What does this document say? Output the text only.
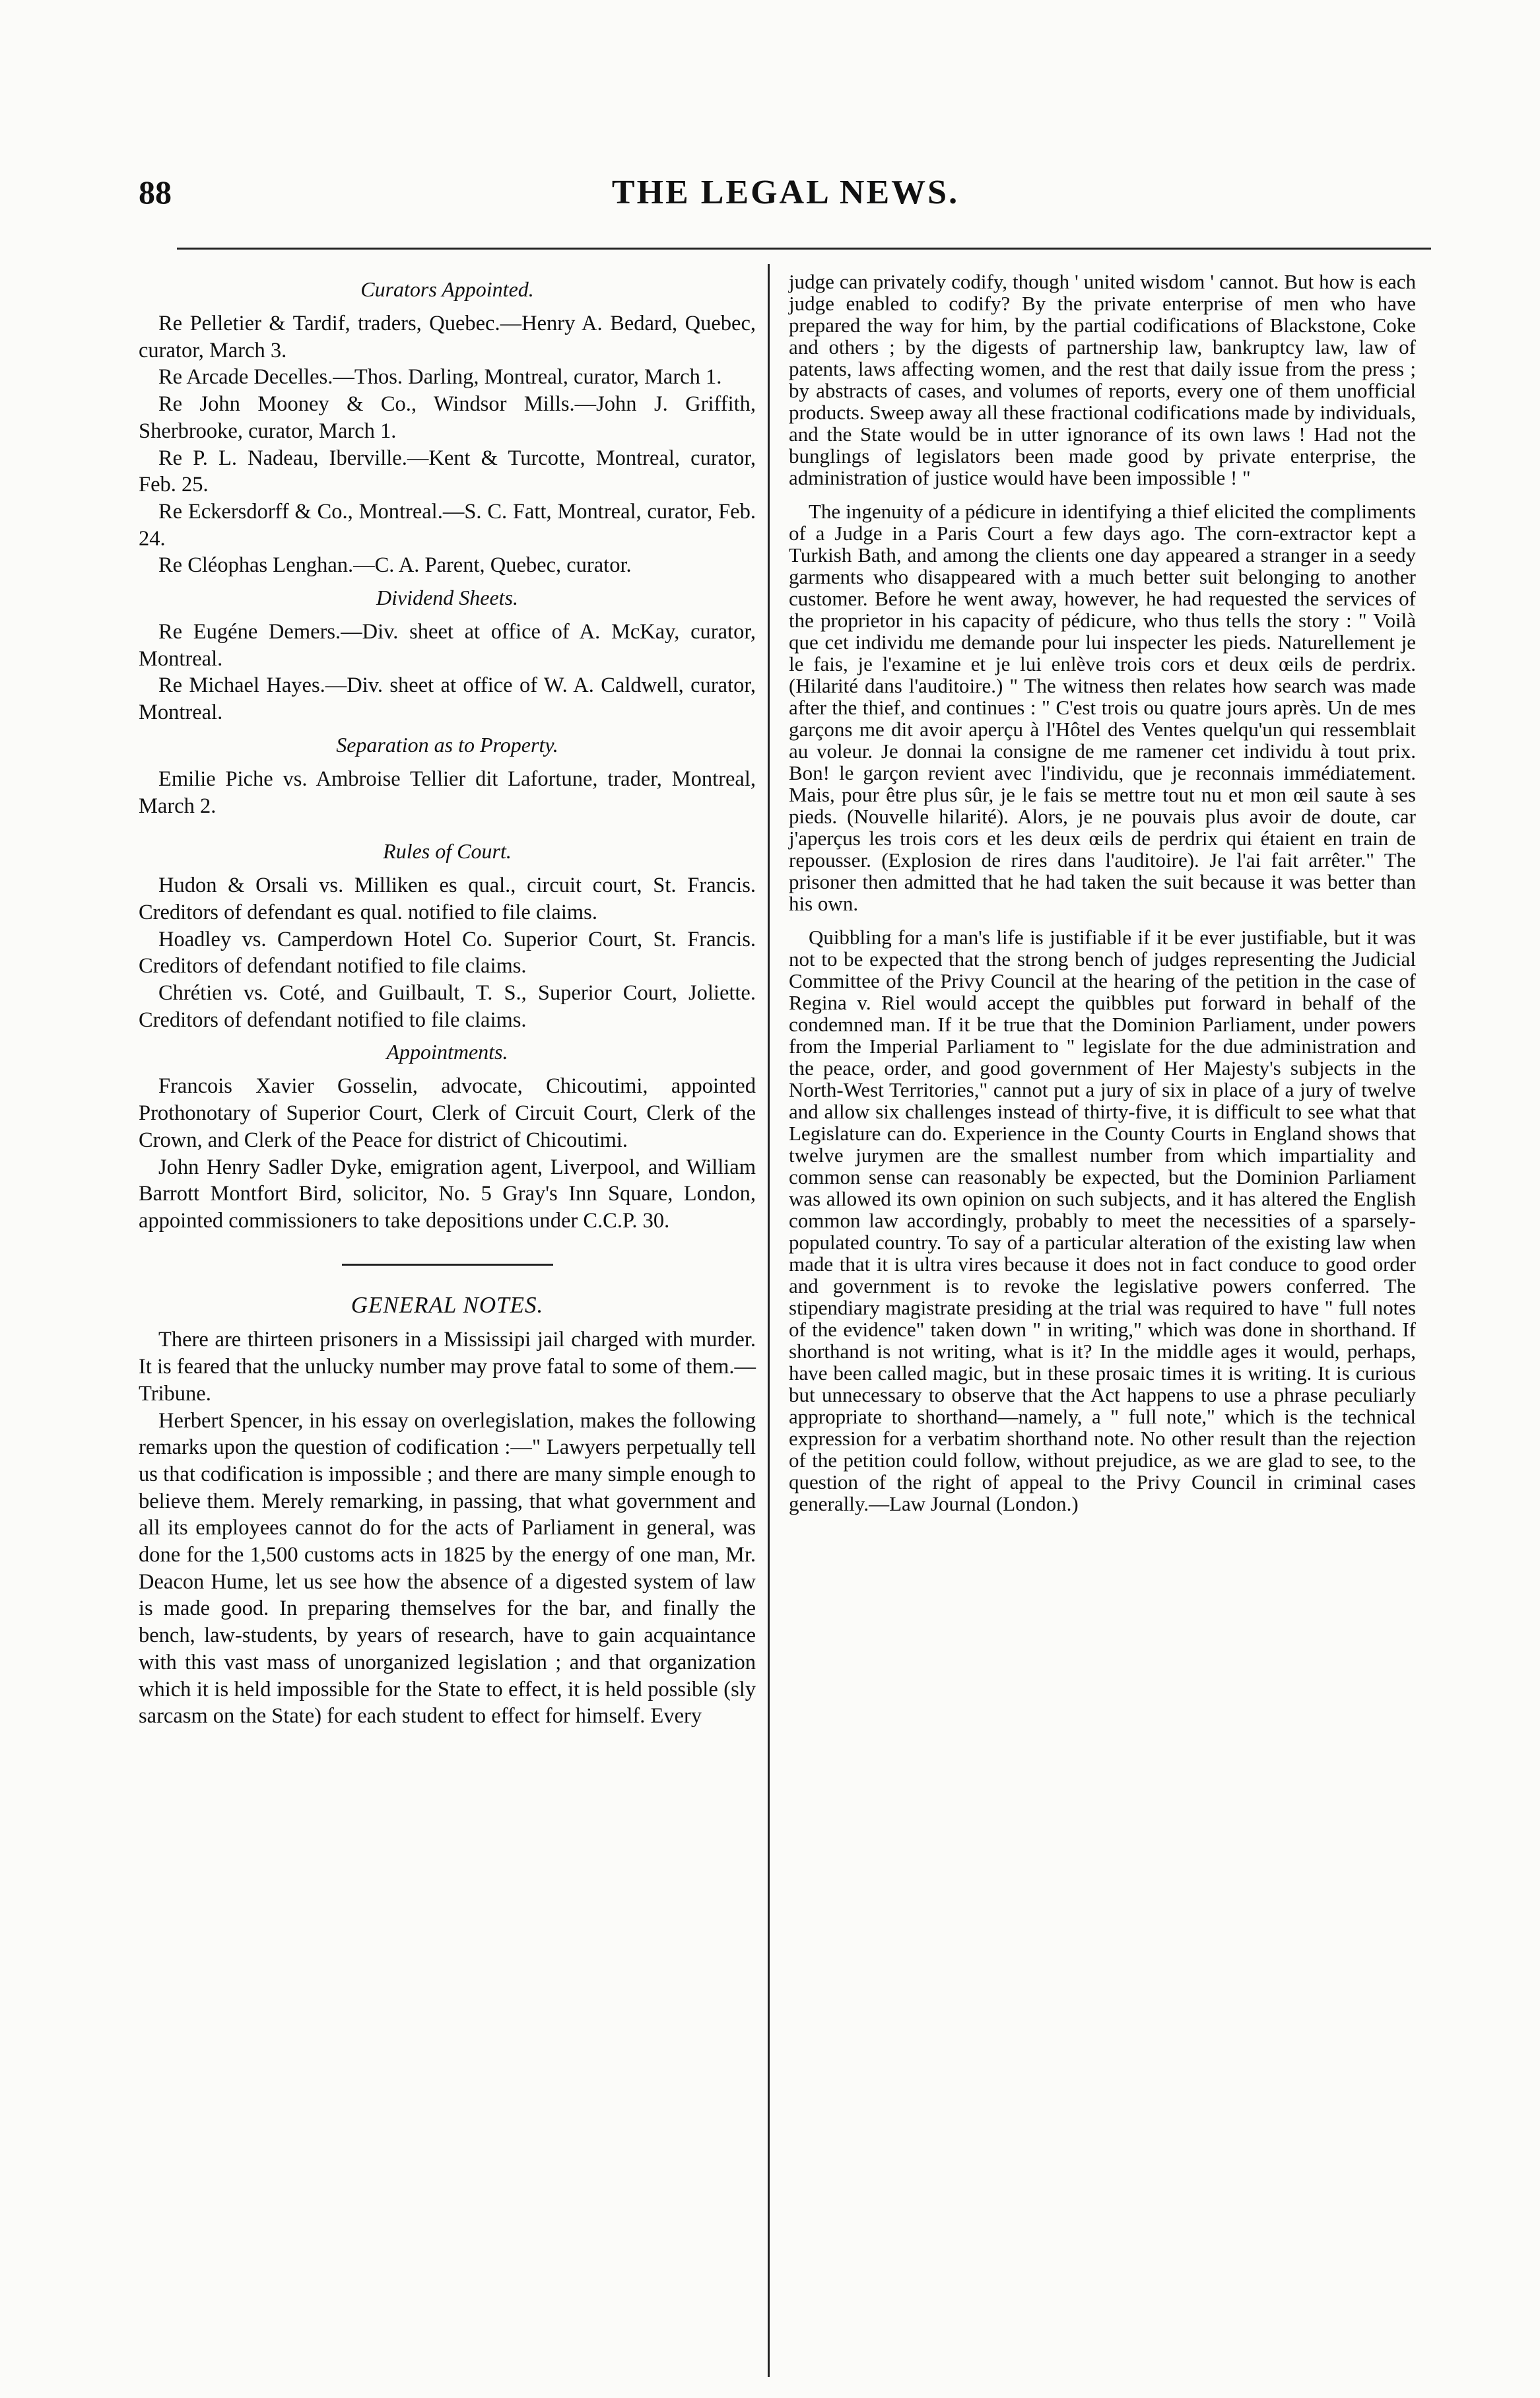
88	THE LEGAL NEWS.
Curators Appointed.

Re Pelletier & Tardif, traders, Quebec.—Henry A. Bedard, Quebec, curator, March 3.

Re Arcade Decelles.—Thos. Darling, Montreal, curator, March 1.

Re John Mooney & Co., Windsor Mills.—John J. Griffith, Sherbrooke, curator, March 1.

Re P. L. Nadeau, Iberville.—Kent & Turcotte, Montreal, curator, Feb. 25.

Re Eckersdorff & Co., Montreal.—S. C. Fatt, Montreal, curator, Feb. 24.

Re Cléophas Lenghan.—C. A. Parent, Quebec, curator.

Dividend Sheets.

Re Eugéne Demers.—Div. sheet at office of A. McKay, curator, Montreal.

Re Michael Hayes.—Div. sheet at office of W. A. Caldwell, curator, Montreal.

Separation as to Property.

Emilie Piche vs. Ambroise Tellier dit Lafortune, trader, Montreal, March 2.

Rules of Court.

Hudon & Orsali vs. Milliken es qual., circuit court, St. Francis. Creditors of defendant es qual. notified to file claims.

Hoadley vs. Camperdown Hotel Co. Superior Court, St. Francis. Creditors of defendant notified to file claims.

Chrétien vs. Coté, and Guilbault, T. S., Superior Court, Joliette. Creditors of defendant notified to file claims.

Appointments.

Francois Xavier Gosselin, advocate, Chicoutimi, appointed Prothonotary of Superior Court, Clerk of Circuit Court, Clerk of the Crown, and Clerk of the Peace for district of Chicoutimi.

John Henry Sadler Dyke, emigration agent, Liverpool, and William Barrott Montfort Bird, solicitor, No. 5 Gray's Inn Square, London, appointed commissioners to take depositions under C.C.P. 30.

GENERAL NOTES.

There are thirteen prisoners in a Mississipi jail charged with murder. It is feared that the unlucky number may prove fatal to some of them.—Tribune.

Herbert Spencer, in his essay on overlegislation, makes the following remarks upon the question of codification :—" Lawyers perpetually tell us that codification is impossible ; and there are many simple enough to believe them. Merely remarking, in passing, that what government and all its employees cannot do for the acts of Parliament in general, was done for the 1,500 customs acts in 1825 by the energy of one man, Mr. Deacon Hume, let us see how the absence of a digested system of law is made good. In preparing themselves for the bar, and finally the bench, law-students, by years of research, have to gain acquaintance with this vast mass of unorganized legislation ; and that organization which it is held impossible for the State to effect, it is held possible (sly sarcasm on the State) for each student to effect for himself. Every

judge can privately codify, though ' united wisdom ' cannot. But how is each judge enabled to codify? By the private enterprise of men who have prepared the way for him, by the partial codifications of Blackstone, Coke and others ; by the digests of partnership law, bankruptcy law, law of patents, laws affecting women, and the rest that daily issue from the press ; by abstracts of cases, and volumes of reports, every one of them unofficial products. Sweep away all these fractional codifications made by individuals, and the State would be in utter ignorance of its own laws ! Had not the bunglings of legislators been made good by private enterprise, the administration of justice would have been impossible ! "

The ingenuity of a pédicure in identifying a thief elicited the compliments of a Judge in a Paris Court a few days ago. The corn-extractor kept a Turkish Bath, and among the clients one day appeared a stranger in a seedy garments who disappeared with a much better suit belonging to another customer. Before he went away, however, he had requested the services of the proprietor in his capacity of pédicure, who thus tells the story : " Voilà que cet individu me demande pour lui inspecter les pieds. Naturellement je le fais, je l'examine et je lui enlève trois cors et deux œils de perdrix. (Hilarité dans l'auditoire.) " The witness then relates how search was made after the thief, and continues : " C'est trois ou quatre jours après. Un de mes garçons me dit avoir aperçu à l'Hôtel des Ventes quelqu'un qui ressemblait au voleur. Je donnai la consigne de me ramener cet individu à tout prix. Bon! le garçon revient avec l'individu, que je reconnais immédiatement. Mais, pour être plus sûr, je le fais se mettre tout nu et mon œil saute à ses pieds. (Nouvelle hilarité). Alors, je ne pouvais plus avoir de doute, car j'aperçus les trois cors et les deux œils de perdrix qui étaient en train de repousser. (Explosion de rires dans l'auditoire). Je l'ai fait arrêter." The prisoner then admitted that he had taken the suit because it was better than his own.

Quibbling for a man's life is justifiable if it be ever justifiable, but it was not to be expected that the strong bench of judges representing the Judicial Committee of the Privy Council at the hearing of the petition in the case of Regina v. Riel would accept the quibbles put forward in behalf of the condemned man. If it be true that the Dominion Parliament, under powers from the Imperial Parliament to " legislate for the due administration and the peace, order, and good government of Her Majesty's subjects in the North-West Territories," cannot put a jury of six in place of a jury of twelve and allow six challenges instead of thirty-five, it is difficult to see what that Legislature can do. Experience in the County Courts in England shows that twelve jurymen are the smallest number from which impartiality and common sense can reasonably be expected, but the Dominion Parliament was allowed its own opinion on such subjects, and it has altered the English common law accordingly, probably to meet the necessities of a sparsely-populated country. To say of a particular alteration of the existing law when made that it is ultra vires because it does not in fact conduce to good order and government is to revoke the legislative powers conferred. The stipendiary magistrate presiding at the trial was required to have " full notes of the evidence" taken down " in writing," which was done in shorthand. If shorthand is not writing, what is it? In the middle ages it would, perhaps, have been called magic, but in these prosaic times it is writing. It is curious but unnecessary to observe that the Act happens to use a phrase peculiarly appropriate to shorthand—namely, a " full note," which is the technical expression for a verbatim shorthand note. No other result than the rejection of the petition could follow, without prejudice, as we are glad to see, to the question of the right of appeal to the Privy Council in criminal cases generally.—Law Journal (London.)
